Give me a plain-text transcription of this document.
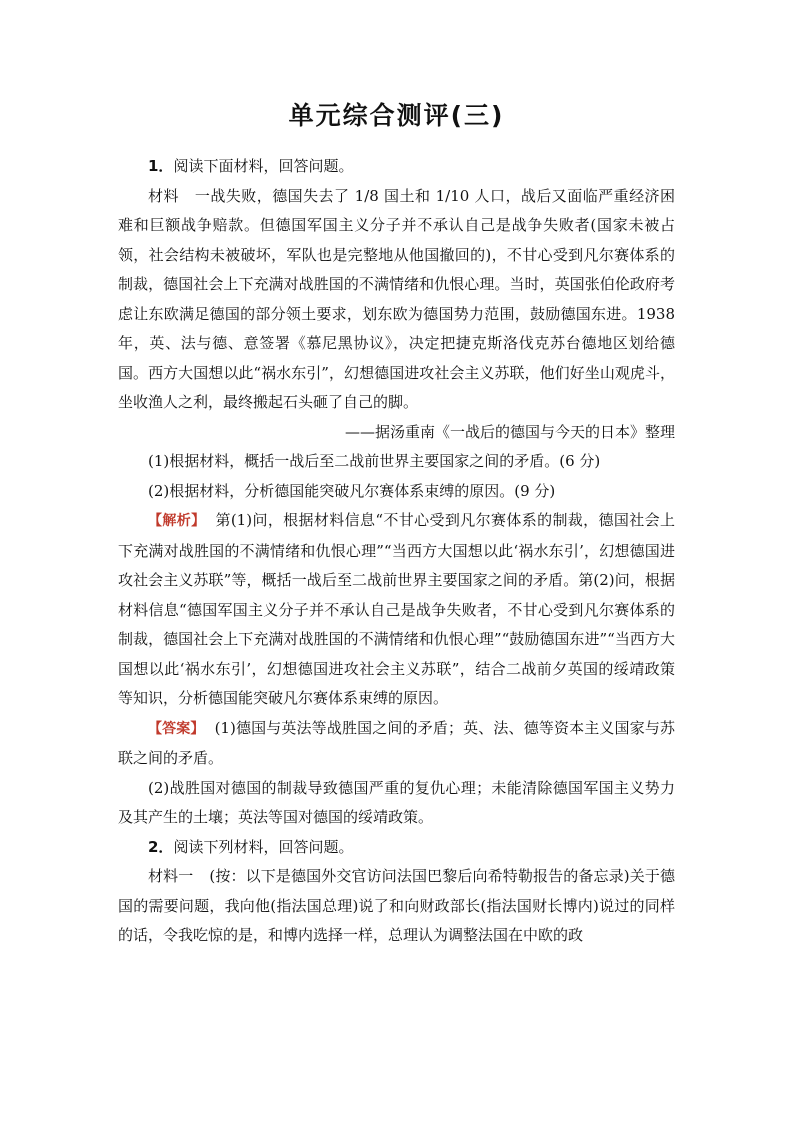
单元综合测评(三)

1．阅读下面材料，回答问题。

材料 一战失败，德国失去了 1/8 国土和 1/10 人口，战后又面临严重经济困难和巨额战争赔款。但德国军国主义分子并不承认自己是战争失败者(国家未被占领，社会结构未被破坏，军队也是完整地从他国撤回的)，不甘心受到凡尔赛体系的制裁，德国社会上下充满对战胜国的不满情绪和仇恨心理。当时，英国张伯伦政府考虑让东欧满足德国的部分领土要求，划东欧为德国势力范围，鼓励德国东进。1938 年，英、法与德、意签署《慕尼黑协议》，决定把捷克斯洛伐克苏台德地区划给德国。西方大国想以此“祸水东引”，幻想德国进攻社会主义苏联，他们好坐山观虎斗，坐收渔人之利，最终搬起石头砸了自己的脚。

——据汤重南《一战后的德国与今天的日本》整理

(1)根据材料，概括一战后至二战前世界主要国家之间的矛盾。(6 分)

(2)根据材料，分析德国能突破凡尔赛体系束缚的原因。(9 分)

【解析】 第(1)问，根据材料信息“不甘心受到凡尔赛体系的制裁，德国社会上下充满对战胜国的不满情绪和仇恨心理”“当西方大国想以此‘祸水东引’，幻想德国进攻社会主义苏联”等，概括一战后至二战前世界主要国家之间的矛盾。第(2)问，根据材料信息“德国军国主义分子并不承认自己是战争失败者，不甘心受到凡尔赛体系的制裁，德国社会上下充满对战胜国的不满情绪和仇恨心理”“鼓励德国东进”“当西方大国想以此‘祸水东引’，幻想德国进攻社会主义苏联”，结合二战前夕英国的绥靖政策等知识，分析德国能突破凡尔赛体系束缚的原因。

【答案】 (1)德国与英法等战胜国之间的矛盾；英、法、德等资本主义国家与苏联之间的矛盾。

(2)战胜国对德国的制裁导致德国严重的复仇心理；未能清除德国军国主义势力及其产生的土壤；英法等国对德国的绥靖政策。

2．阅读下列材料，回答问题。

材料一 (按：以下是德国外交官访问法国巴黎后向希特勒报告的备忘录)关于德国的需要问题，我向他(指法国总理)说了和向财政部长(指法国财长博内)说过的同样的话，令我吃惊的是，和博内选择一样，总理认为调整法国在中欧的政
